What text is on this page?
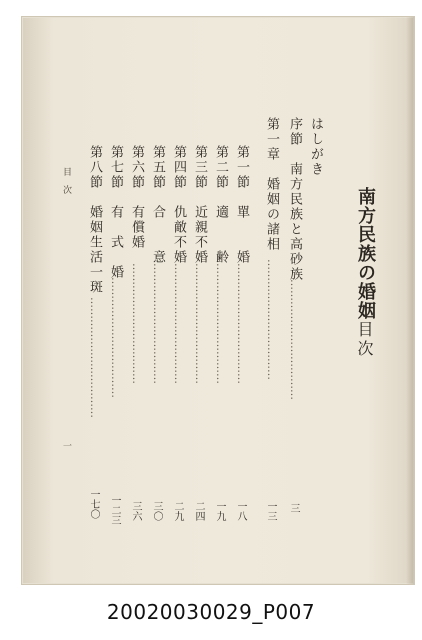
南方民族の婚姻
目次
はしがき
序節　南方民族と高砂族
……………………………
三
第一章　婚姻の諸相
……………………………
一三
第一節　單　　婚
……………………………
一八
第二節　適　　齢
……………………………
一九
第三節　近親不婚
……………………………
二四
第四節　仇敵不婚
……………………………
二九
第五節　合　　意
……………………………
三〇
第六節　有償婚
……………………………
三六
第七節　有　式　婚
……………………………
一二三
第八節　婚姻生活一斑
……………………………
一七〇
目　次
一
20020030029_P007
